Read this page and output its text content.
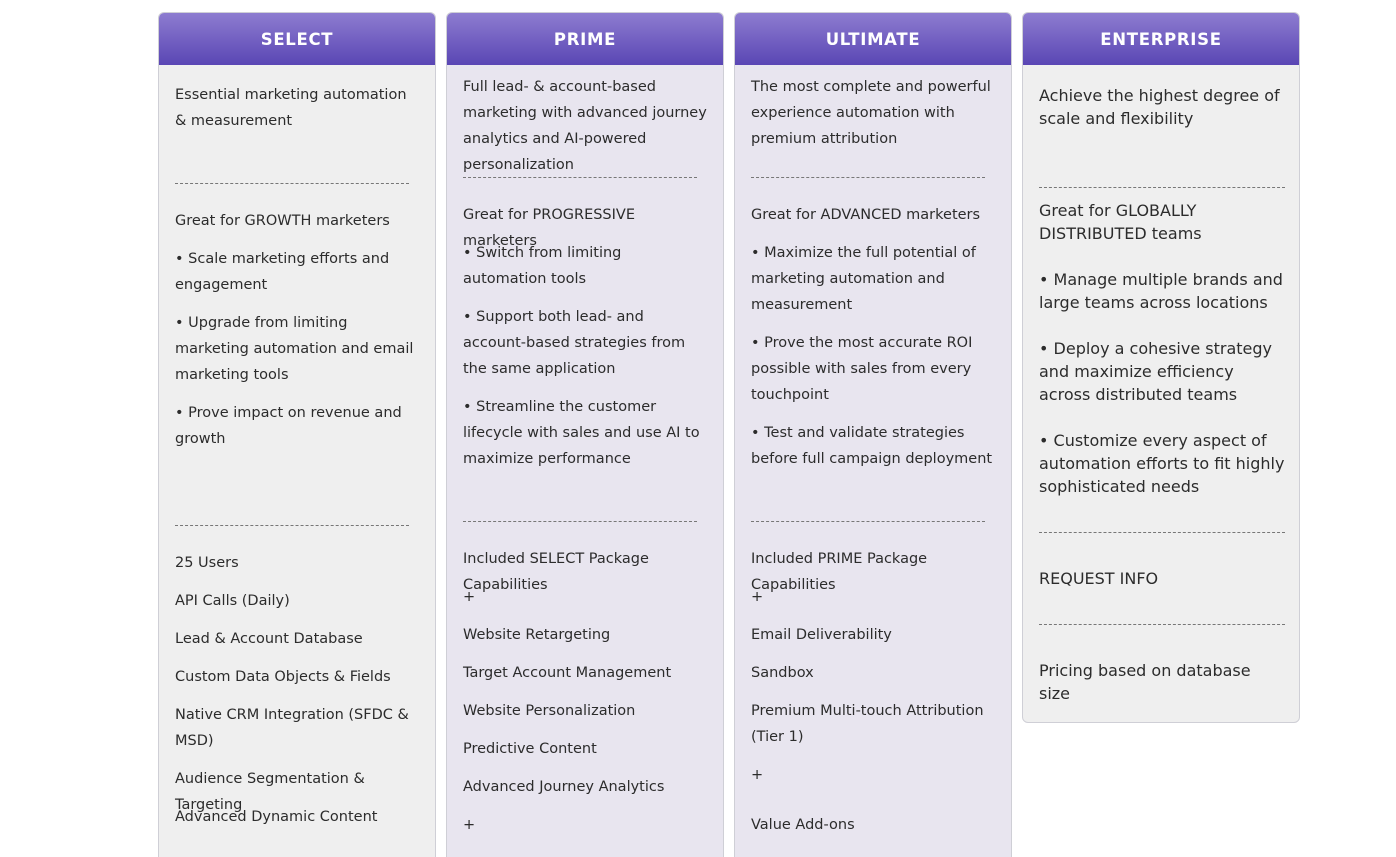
SELECT
Essential marketing automation & measurement
Great for GROWTH marketers
• Scale marketing efforts and engagement
• Upgrade from limiting marketing automation and email marketing tools
• Prove impact on revenue and growth
25 Users
API Calls (Daily)
Lead & Account Database
Custom Data Objects & Fields
Native CRM Integration (SFDC & MSD)
Audience Segmentation & Targeting
Advanced Dynamic Content
PRIME
Full lead- & account-based marketing with advanced journey analytics and AI-powered personalization
Great for PROGRESSIVE marketers
• Switch from limiting automation tools
• Support both lead- and account-based strategies from the same application
• Streamline the customer lifecycle with sales and use AI to maximize performance
Included SELECT Package Capabilities
+
Website Retargeting
Target Account Management
Website Personalization
Predictive Content
Advanced Journey Analytics
+
ULTIMATE
The most complete and powerful experience automation with premium attribution
Great for ADVANCED marketers
• Maximize the full potential of marketing automation and measurement
• Prove the most accurate ROI possible with sales from every touchpoint
• Test and validate strategies before full campaign deployment
Included PRIME Package Capabilities
+
Email Deliverability
Sandbox
Premium Multi-touch Attribution (Tier 1)
+
Value Add-ons
ENTERPRISE
Achieve the highest degree of scale and flexibility
Great for GLOBALLY DISTRIBUTED teams
• Manage multiple brands and large teams across locations
• Deploy a cohesive strategy and maximize efficiency across distributed teams
• Customize every aspect of automation efforts to fit highly sophisticated needs
REQUEST INFO
Pricing based on database size
